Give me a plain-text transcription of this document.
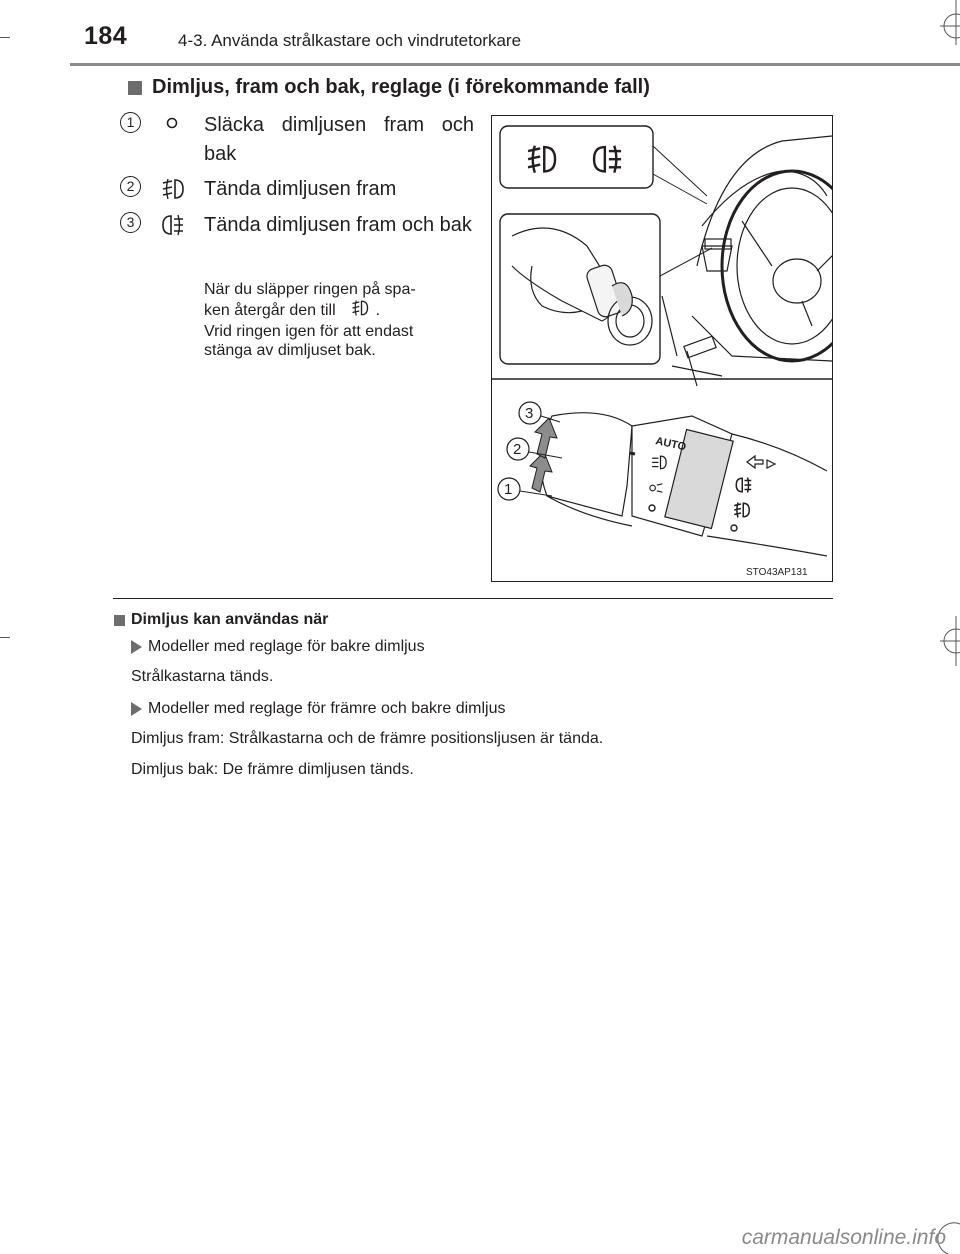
184	4-3. Använda strålkastare och vindrutetorkare
Dimljus, fram och bak, reglage (i förekommande fall)
1	Släcka dimljusen fram och bak
2	Tända dimljusen fram
3	Tända dimljusen fram och bak
När du släpper ringen på spa-
ken återgår den till	.
Vrid ringen igen för att endast
stänga av dimljuset bak.
AUTO
3
2
1
STO43AP131
Dimljus kan användas när
Modeller med reglage för bakre dimljus
Strålkastarna tänds.
Modeller med reglage för främre och bakre dimljus
Dimljus fram: Strålkastarna och de främre positionsljusen är tända.
Dimljus bak: De främre dimljusen tänds.
carmanualsonline.info
